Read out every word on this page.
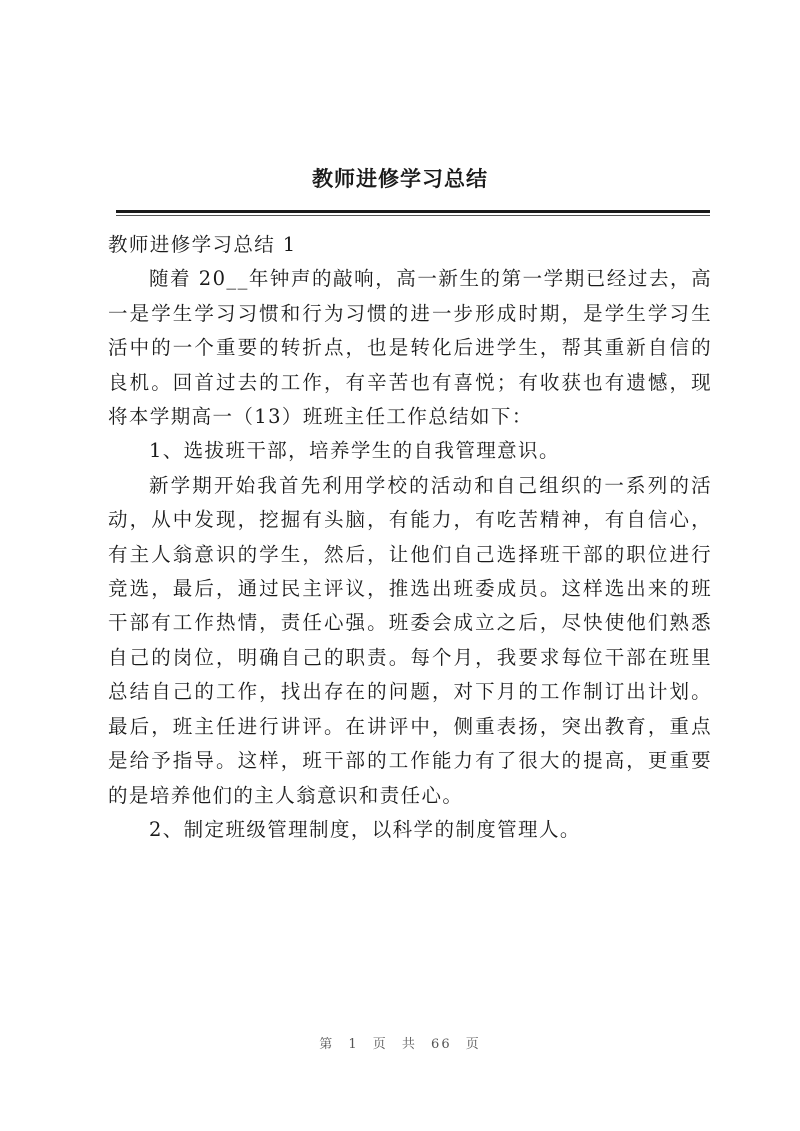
教师进修学习总结

教师进修学习总结 1

随着 20__年钟声的敲响，高一新生的第一学期已经过去，高一是学生学习习惯和行为习惯的进一步形成时期，是学生学习生活中的一个重要的转折点，也是转化后进学生，帮其重新自信的良机。回首过去的工作，有辛苦也有喜悦；有收获也有遗憾，现将本学期高一（13）班班主任工作总结如下：

1、选拔班干部，培养学生的自我管理意识。

新学期开始我首先利用学校的活动和自己组织的一系列的活动，从中发现，挖掘有头脑，有能力，有吃苦精神，有自信心，有主人翁意识的学生，然后，让他们自己选择班干部的职位进行竞选，最后，通过民主评议，推选出班委成员。这样选出来的班干部有工作热情，责任心强。班委会成立之后，尽快使他们熟悉自己的岗位，明确自己的职责。每个月，我要求每位干部在班里总结自己的工作，找出存在的问题，对下月的工作制订出计划。最后，班主任进行讲评。在讲评中，侧重表扬，突出教育，重点是给予指导。这样，班干部的工作能力有了很大的提高，更重要的是培养他们的主人翁意识和责任心。

2、制定班级管理制度，以科学的制度管理人。

第 1 页 共 66 页
